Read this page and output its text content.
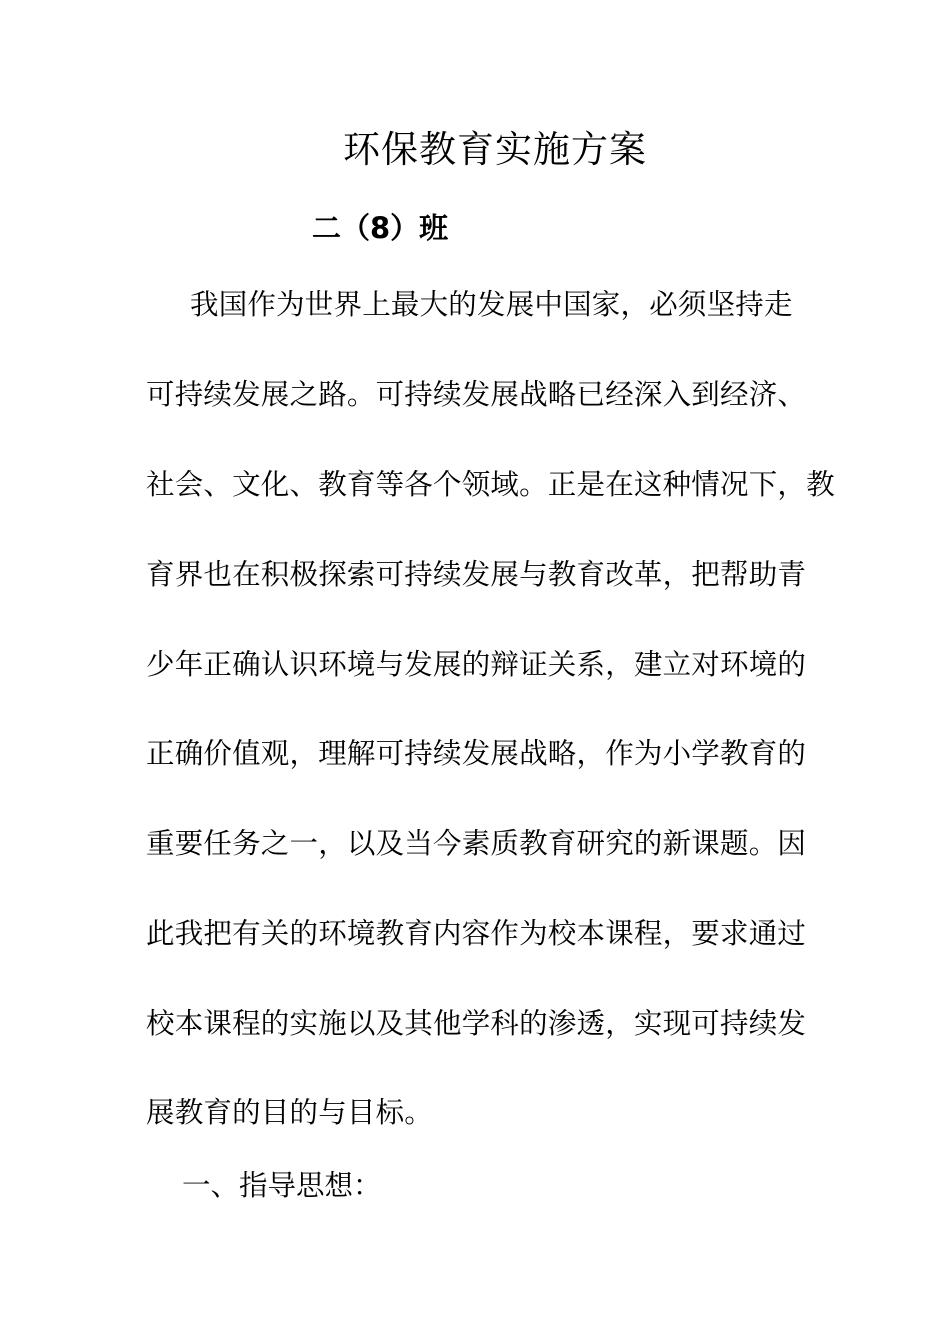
环保教育实施方案
二（8）班
我国作为世界上最大的发展中国家，必须坚持走
可持续发展之路。可持续发展战略已经深入到经济、
社会、文化、教育等各个领域。正是在这种情况下，教
育界也在积极探索可持续发展与教育改革，把帮助青
少年正确认识环境与发展的辩证关系，建立对环境的
正确价值观，理解可持续发展战略，作为小学教育的
重要任务之一，以及当今素质教育研究的新课题。因
此我把有关的环境教育内容作为校本课程，要求通过
校本课程的实施以及其他学科的渗透，实现可持续发
展教育的目的与目标。
一、指导思想：
